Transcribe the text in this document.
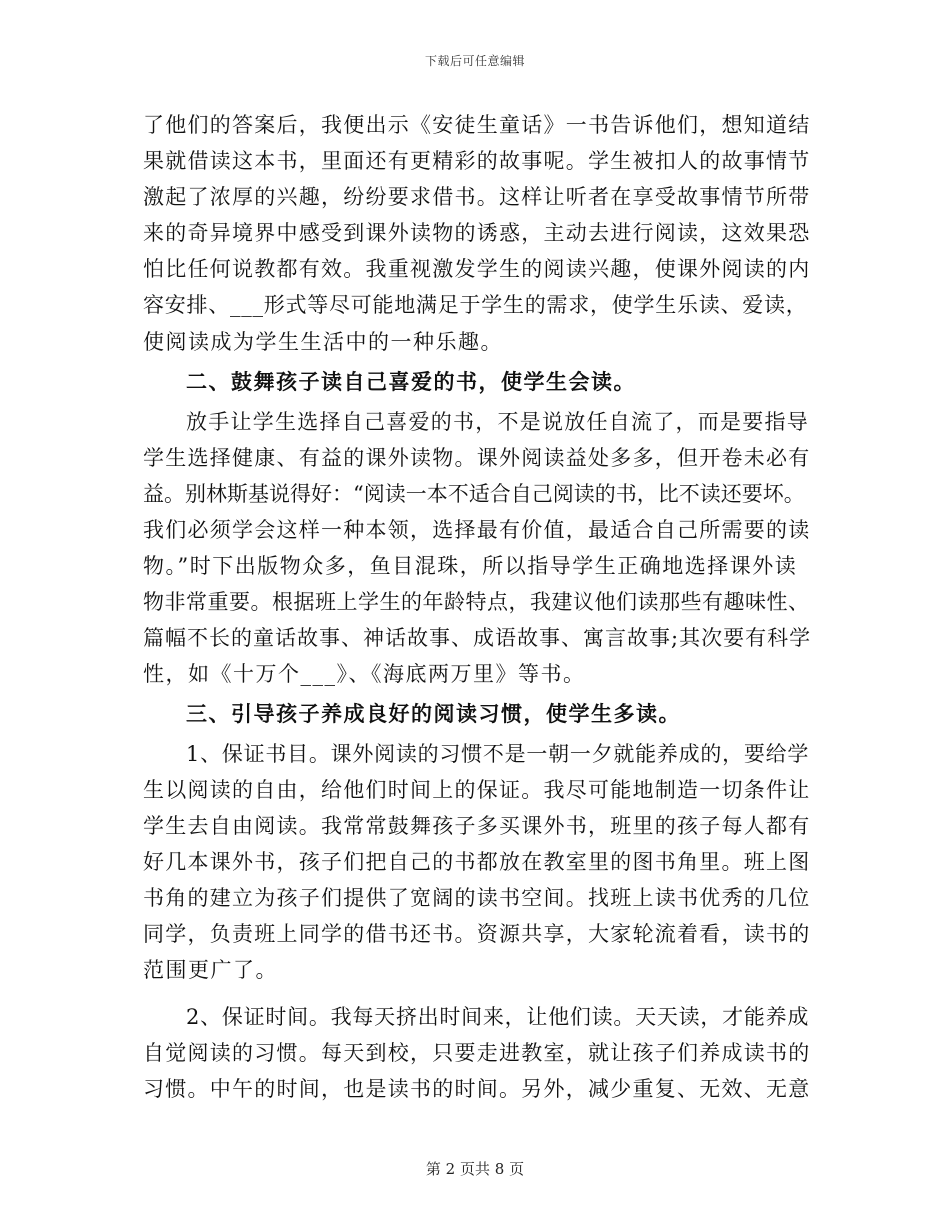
下载后可任意编辑
了他们的答案后，我便出示《安徒生童话》一书告诉他们，想知道结
果就借读这本书，里面还有更精彩的故事呢。学生被扣人的故事情节
激起了浓厚的兴趣，纷纷要求借书。这样让听者在享受故事情节所带
来的奇异境界中感受到课外读物的诱惑，主动去进行阅读，这效果恐
怕比任何说教都有效。我重视激发学生的阅读兴趣，使课外阅读的内
容安排、___形式等尽可能地满足于学生的需求，使学生乐读、爱读，
使阅读成为学生生活中的一种乐趣。
二、鼓舞孩子读自己喜爱的书，使学生会读。
放手让学生选择自己喜爱的书，不是说放任自流了，而是要指导
学生选择健康、有益的课外读物。课外阅读益处多多，但开卷未必有
益。别林斯基说得好：“阅读一本不适合自己阅读的书，比不读还要坏。
我们必须学会这样一种本领，选择最有价值，最适合自己所需要的读
物。”时下出版物众多，鱼目混珠，所以指导学生正确地选择课外读
物非常重要。根据班上学生的年龄特点，我建议他们读那些有趣味性、
篇幅不长的童话故事、神话故事、成语故事、寓言故事;其次要有科学
性，如《十万个___》、《海底两万里》等书。
三、引导孩子养成良好的阅读习惯，使学生多读。
1、保证书目。课外阅读的习惯不是一朝一夕就能养成的，要给学
生以阅读的自由，给他们时间上的保证。我尽可能地制造一切条件让
学生去自由阅读。我常常鼓舞孩子多买课外书，班里的孩子每人都有
好几本课外书，孩子们把自己的书都放在教室里的图书角里。班上图
书角的建立为孩子们提供了宽阔的读书空间。找班上读书优秀的几位
同学，负责班上同学的借书还书。资源共享，大家轮流着看，读书的
范围更广了。
2、保证时间。我每天挤出时间来，让他们读。天天读，才能养成
自觉阅读的习惯。每天到校，只要走进教室，就让孩子们养成读书的
习惯。中午的时间，也是读书的时间。另外，减少重复、无效、无意
第 2 页共 8 页
